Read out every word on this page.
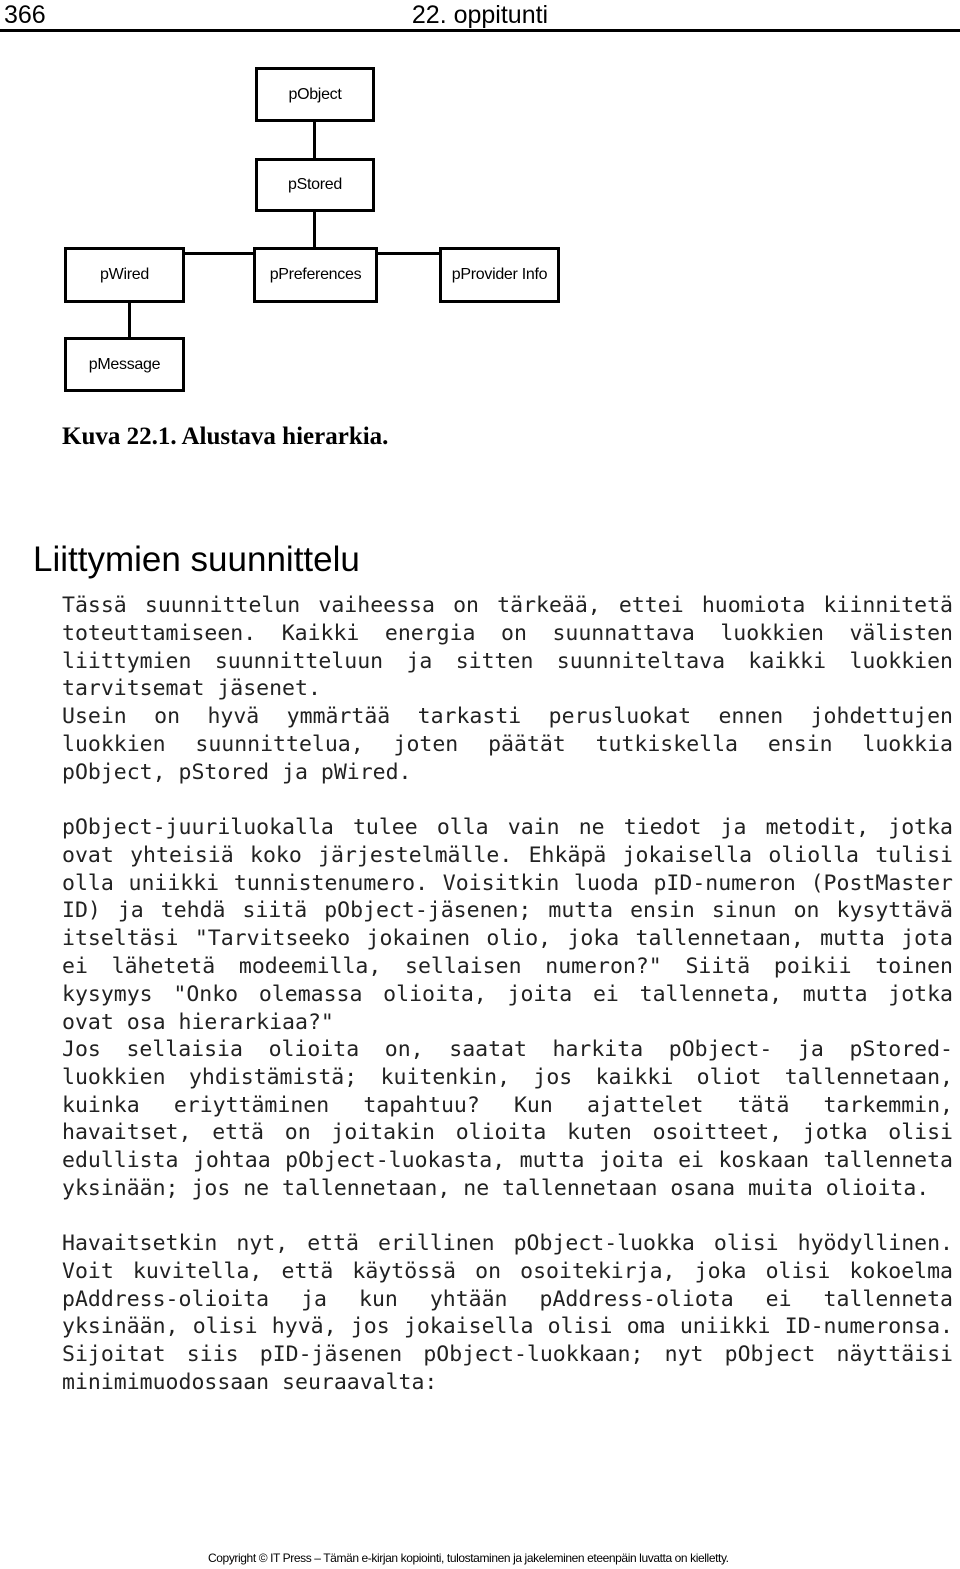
366	22. oppitunti
pObject
pStored
pWired	pPreferences	pProvider Info
pMessage
Kuva 22.1. Alustava hierarkia.
Liittymien suunnittelu

Tässä suunnittelun vaiheessa on tärkeää, ettei huomiota kiinnitetä toteuttamiseen. Kaikki energia on suunnattava luokkien välisten liittymien suunnitteluun ja sitten suunniteltava kaikki luokkien tarvitsemat jäsenet.

Usein on hyvä ymmärtää tarkasti perusluokat ennen johdettujen luokkien suunnittelua, joten päätät tutkiskella ensin luokkia pObject, pStored ja pWired.

pObject-juuriluokalla tulee olla vain ne tiedot ja metodit, jotka ovat yhteisiä koko järjestelmälle. Ehkäpä jokaisella oliolla tulisi olla uniikki tunnistenumero. Voisitkin luoda pID-numeron (PostMaster ID) ja tehdä siitä pObject-jäsenen; mutta ensin sinun on kysyttävä itseltäsi "Tarvitseeko jokainen olio, joka tallennetaan, mutta jota ei lähetetä modeemilla, sellaisen numeron?" Siitä poikii toinen kysymys "Onko olemassa olioita, joita ei tallenneta, mutta jotka ovat osa hierarkiaa?"

Jos sellaisia olioita on, saatat harkita pObject- ja pStored-luokkien yhdistämistä; kuitenkin, jos kaikki oliot tallennetaan, kuinka eriyttäminen tapahtuu? Kun ajattelet tätä tarkemmin, havaitset, että on joitakin olioita kuten osoitteet, jotka olisi edullista johtaa pObject-luokasta, mutta joita ei koskaan tallenneta yksinään; jos ne tallennetaan, ne tallennetaan osana muita olioita.

Havaitsetkin nyt, että erillinen pObject-luokka olisi hyödyllinen. Voit kuvitella, että käytössä on osoitekirja, joka olisi kokoelma pAddress-olioita ja kun yhtään pAddress-oliota ei tallenneta yksinään, olisi hyvä, jos jokaisella olisi oma uniikki ID-numeronsa. Sijoitat siis pID-jäsenen pObject-luokkaan; nyt pObject näyttäisi minimimuodossaan seuraavalta:

Copyright © IT Press – Tämän e-kirjan kopiointi, tulostaminen ja jakeleminen eteenpäin luvatta on kielletty.
